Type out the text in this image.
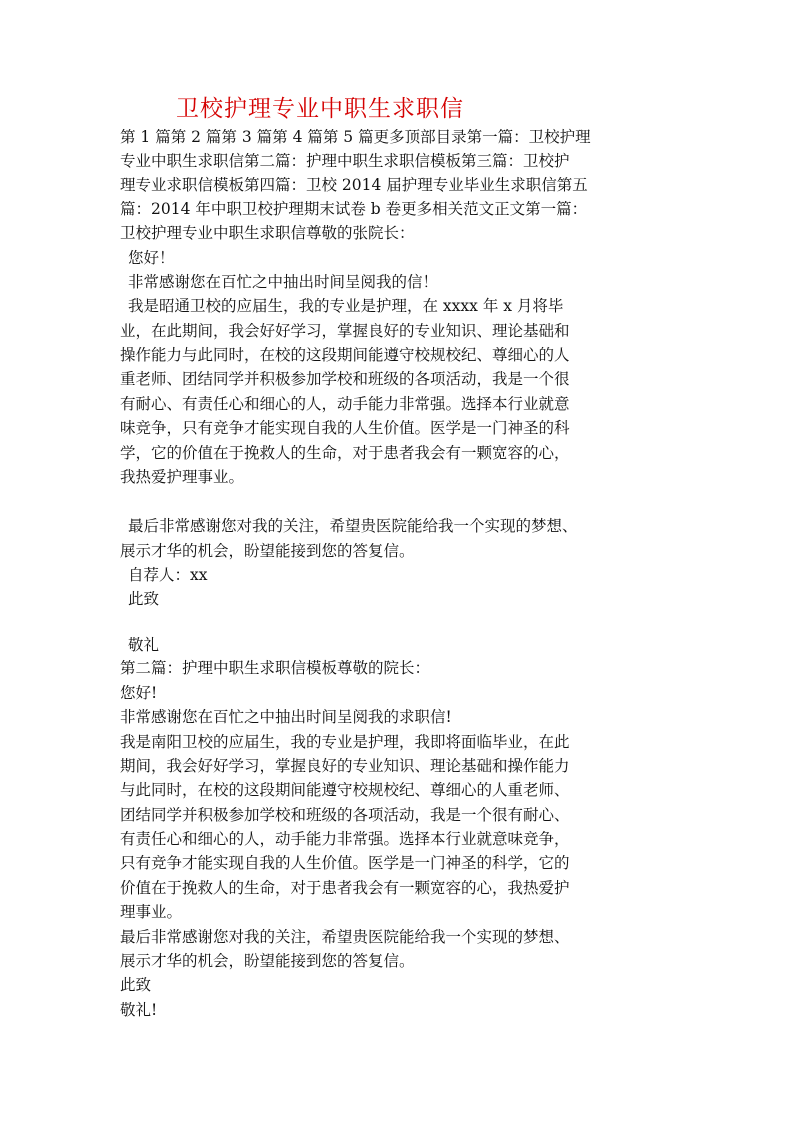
卫校护理专业中职生求职信
第 1 篇第 2 篇第 3 篇第 4 篇第 5 篇更多顶部目录第一篇：卫校护理
专业中职生求职信第二篇：护理中职生求职信模板第三篇：卫校护
理专业求职信模板第四篇：卫校 2014 届护理专业毕业生求职信第五
篇：2014 年中职卫校护理期末试卷 b 卷更多相关范文正文第一篇：
卫校护理专业中职生求职信尊敬的张院长：
您好！
非常感谢您在百忙之中抽出时间呈阅我的信！
我是昭通卫校的应届生，我的专业是护理，在 xxxx 年 x 月将毕
业，在此期间，我会好好学习，掌握良好的专业知识、理论基础和
操作能力与此同时，在校的这段期间能遵守校规校纪、尊细心的人
重老师、团结同学并积极参加学校和班级的各项活动，我是一个很
有耐心、有责任心和细心的人，动手能力非常强。选择本行业就意
味竞争，只有竞争才能实现自我的人生价值。医学是一门神圣的科
学，它的价值在于挽救人的生命，对于患者我会有一颗宽容的心，
我热爱护理事业。
最后非常感谢您对我的关注，希望贵医院能给我一个实现的梦想、
展示才华的机会，盼望能接到您的答复信。
自荐人：xx
此致
敬礼
第二篇：护理中职生求职信模板尊敬的院长：
您好!
非常感谢您在百忙之中抽出时间呈阅我的求职信!
我是南阳卫校的应届生，我的专业是护理，我即将面临毕业，在此
期间，我会好好学习，掌握良好的专业知识、理论基础和操作能力
与此同时，在校的这段期间能遵守校规校纪、尊细心的人重老师、
团结同学并积极参加学校和班级的各项活动，我是一个很有耐心、
有责任心和细心的人，动手能力非常强。选择本行业就意味竞争，
只有竞争才能实现自我的人生价值。医学是一门神圣的科学，它的
价值在于挽救人的生命，对于患者我会有一颗宽容的心，我热爱护
理事业。
最后非常感谢您对我的关注，希望贵医院能给我一个实现的梦想、
展示才华的机会，盼望能接到您的答复信。
此致
敬礼!
